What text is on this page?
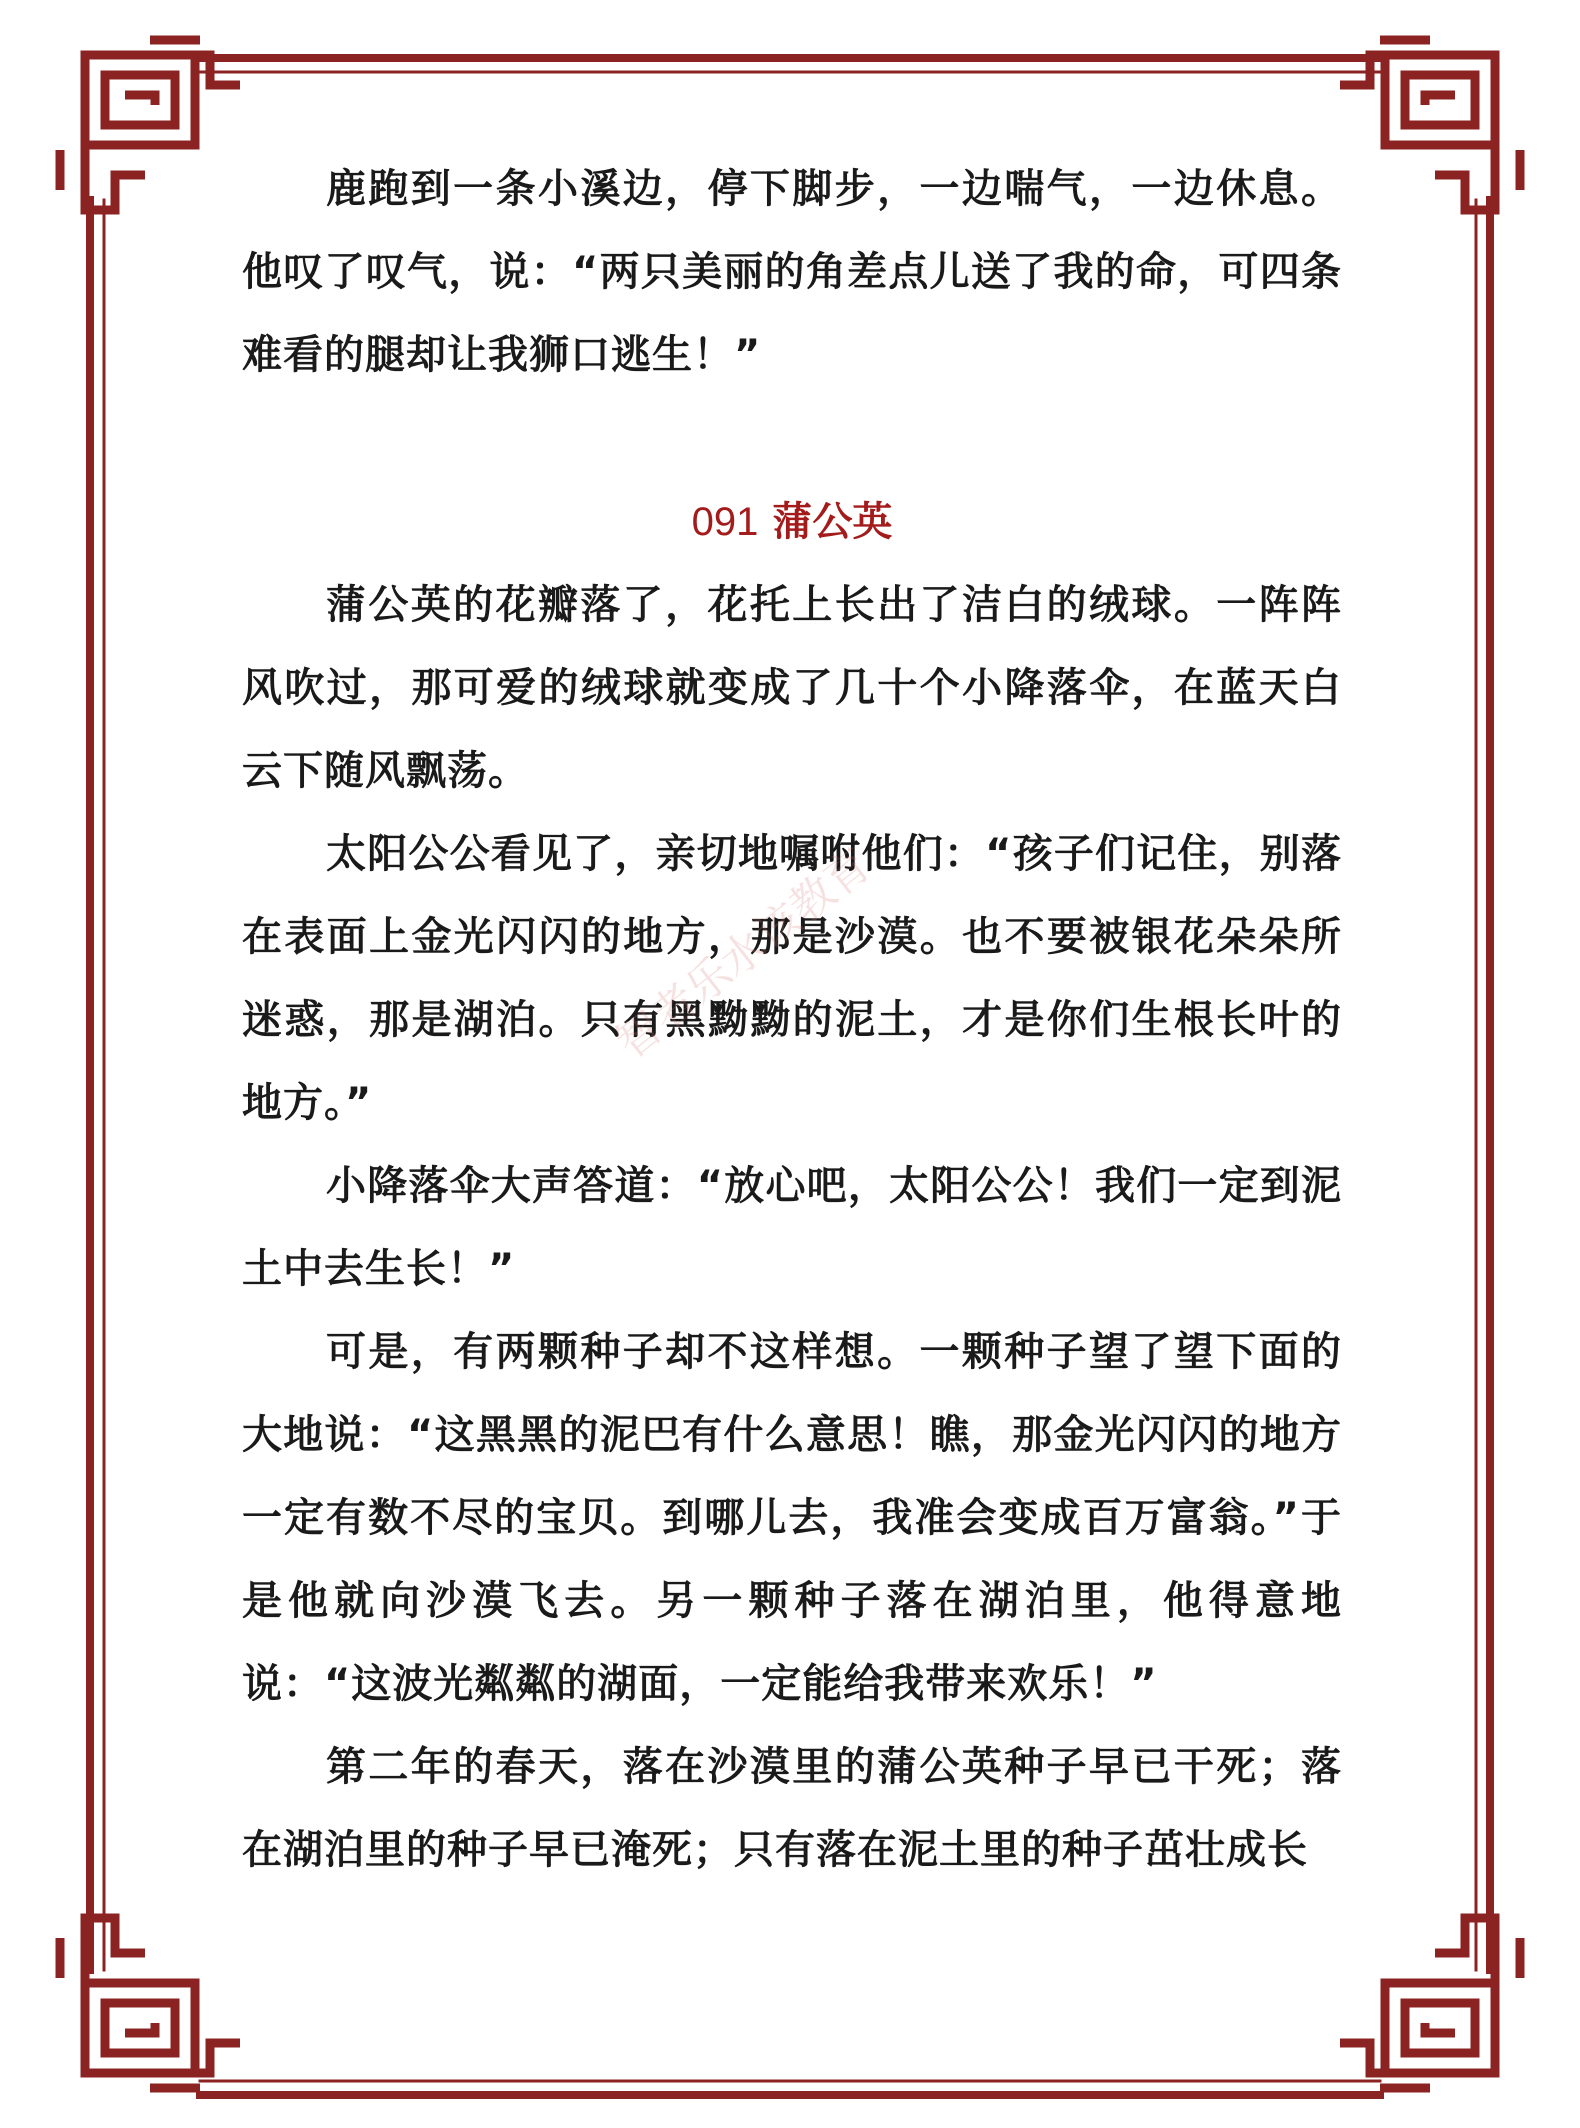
鹿跑到一条小溪边，停下脚步，一边喘气，一边休息。他叹了叹气，说：“两只美丽的角差点儿送了我的命，可四条难看的腿却让我狮口逃生！”

091 蒲公英

蒲公英的花瓣落了，花托上长出了洁白的绒球。一阵阵风吹过，那可爱的绒球就变成了几十个小降落伞，在蓝天白云下随风飘荡。

太阳公公看见了，亲切地嘱咐他们：“孩子们记住，别落在表面上金光闪闪的地方，那是沙漠。也不要被银花朵朵所迷惑，那是湖泊。只有黑黝黝的泥土，才是你们生根长叶的地方。”

小降落伞大声答道：“放心吧，太阳公公！我们一定到泥土中去生长！”

可是，有两颗种子却不这样想。一颗种子望了望下面的大地说：“这黑黑的泥巴有什么意思！瞧，那金光闪闪的地方一定有数不尽的宝贝。到哪儿去，我准会变成百万富翁。”于是他就向沙漠飞去。另一颗种子落在湖泊里，他得意地说：“这波光粼粼的湖面，一定能给我带来欢乐！”

第二年的春天，落在沙漠里的蒲公英种子早已干死；落在湖泊里的种子早已淹死；只有落在泥土里的种子茁壮成长

智者乐水该教育
